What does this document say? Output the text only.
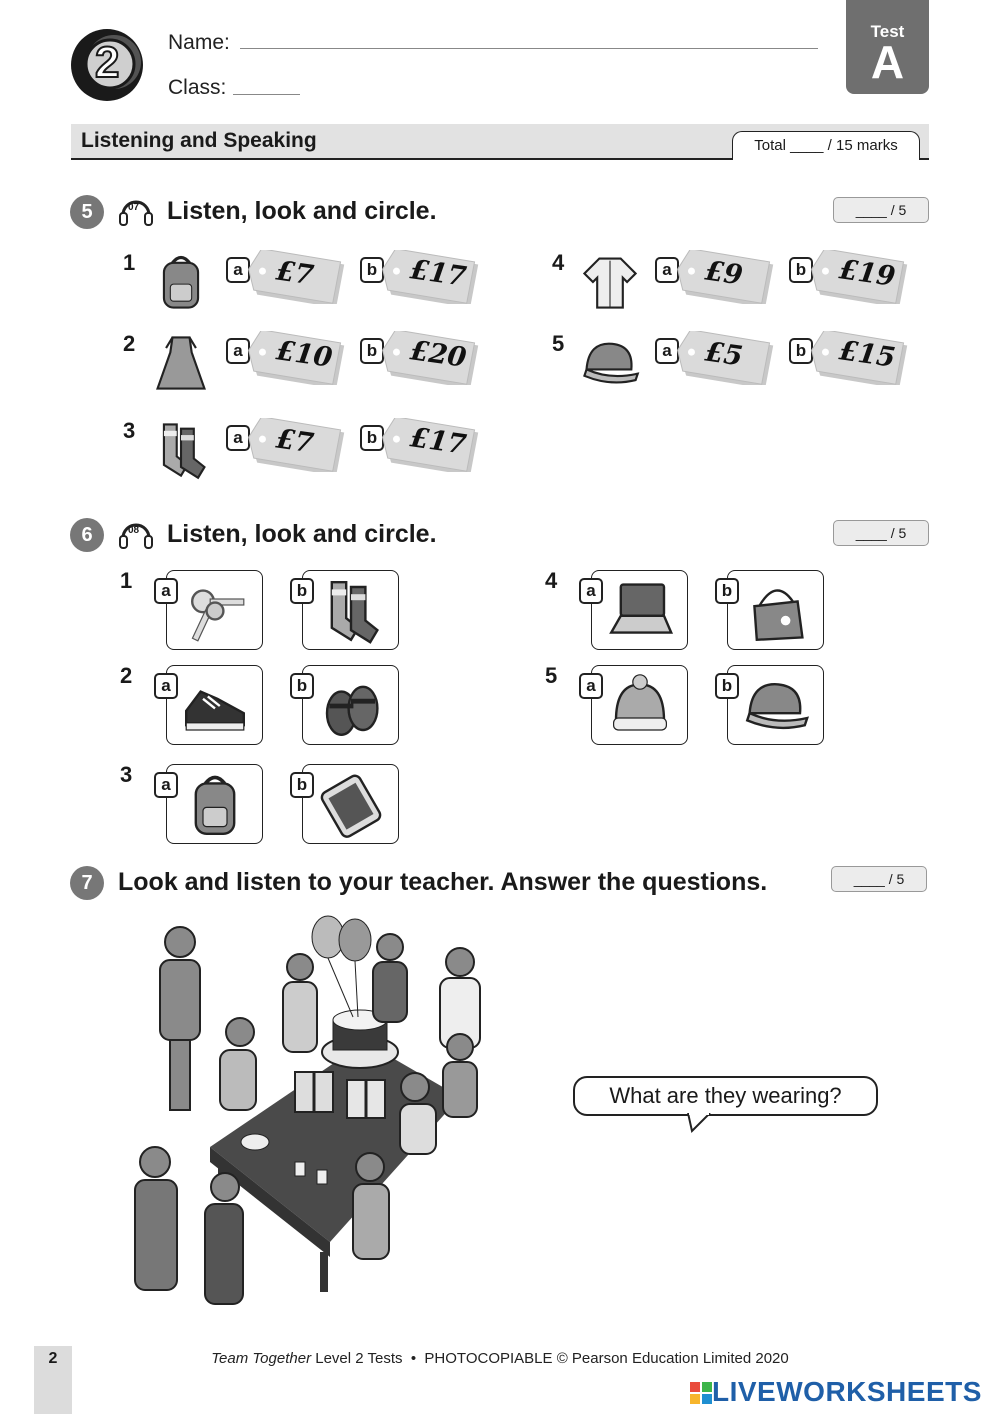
2 Name:
Class:
Test
A
Listening and Speaking	Total ____ / 15 marks
5	07 Listen, look and circle.	____ / 5
1	a £7	b £17
2	a £10	b £20
3	a £7	b £17
4	a £9	b £19
5	a £5	b £15
6	08 Listen, look and circle.	____ / 5
1	a	b
2	a	b
3	a	b
4	a	b
5	a	b
7	Look and listen to your teacher. Answer the questions.	____ / 5
What are they wearing?
2	Team Together Level 2 Tests  •  PHOTOCOPIABLE © Pearson Education Limited 2020
LIVEWORKSHEETS
